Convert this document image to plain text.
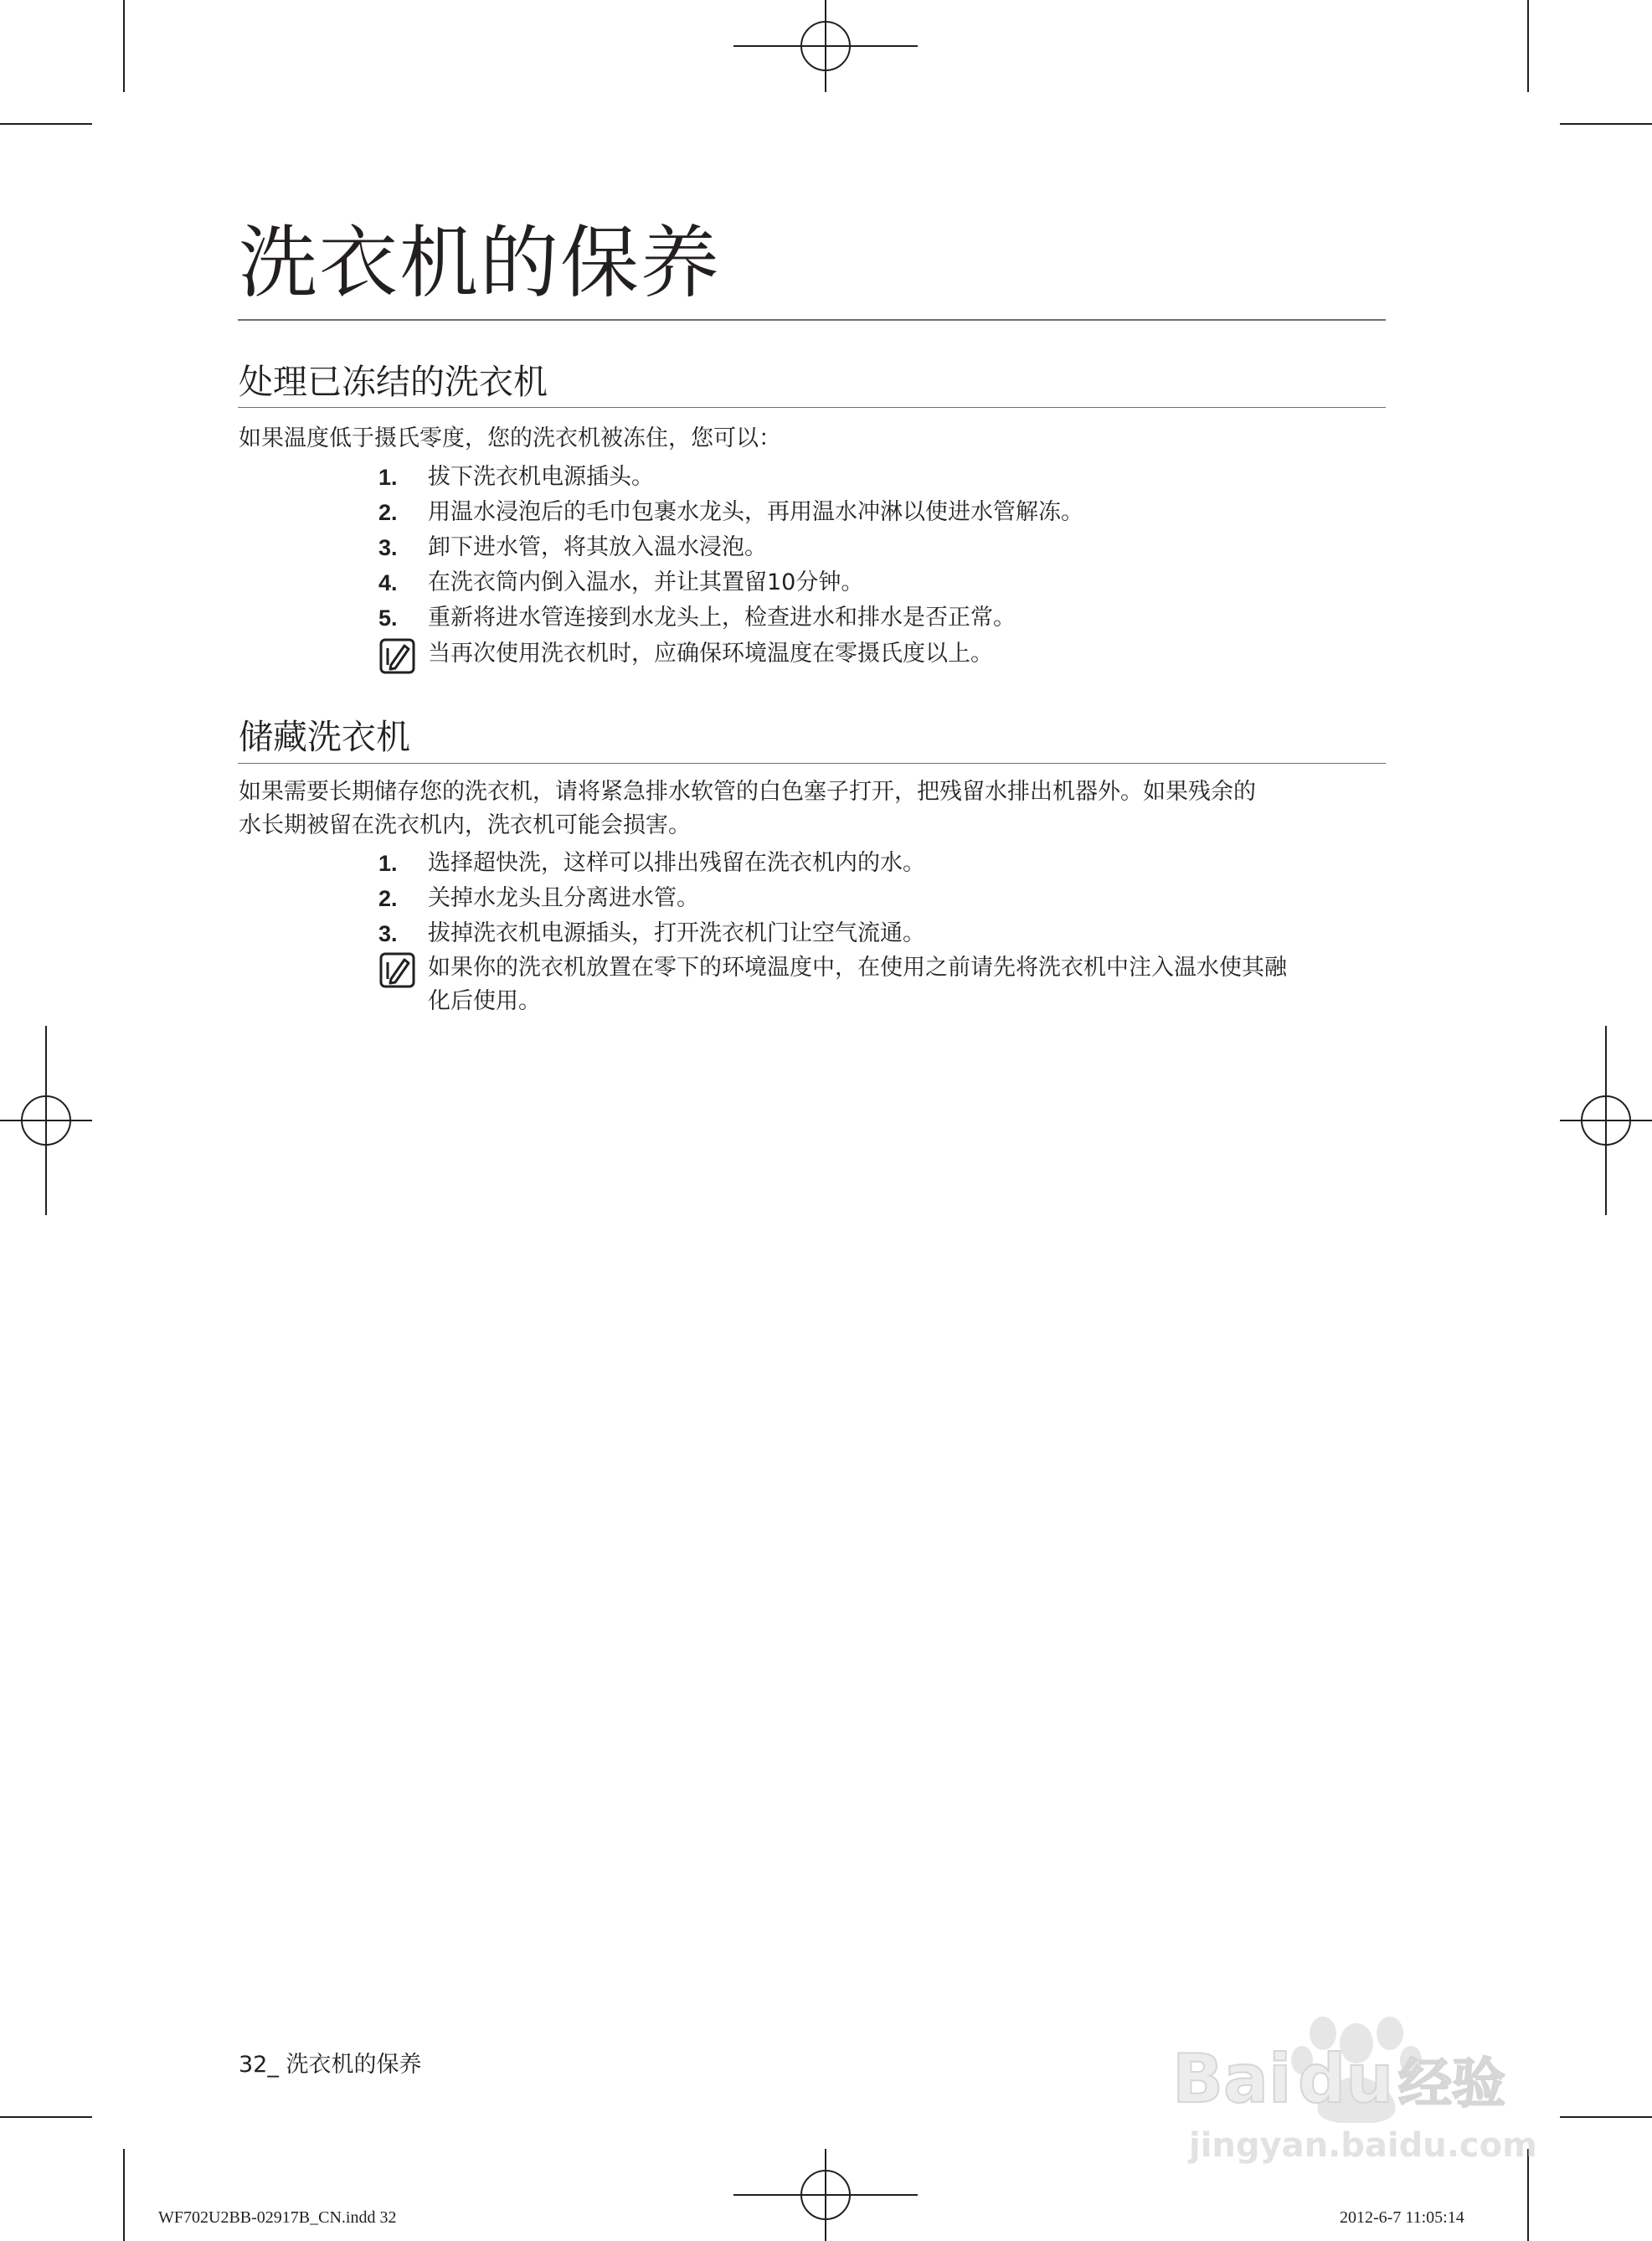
洗衣机的保养
处理已冻结的洗衣机
如果温度低于摄氏零度，您的洗衣机被冻住，您可以：
1. 拔下洗衣机电源插头。
2. 用温水浸泡后的毛巾包裹水龙头，再用温水冲淋以使进水管解冻。
3. 卸下进水管，将其放入温水浸泡。
4. 在洗衣筒内倒入温水，并让其置留10分钟。
5. 重新将进水管连接到水龙头上，检查进水和排水是否正常。
当再次使用洗衣机时，应确保环境温度在零摄氏度以上。
储藏洗衣机
如果需要长期储存您的洗衣机，请将紧急排水软管的白色塞子打开，把残留水排出机器外。如果残余的
水长期被留在洗衣机内，洗衣机可能会损害。
1. 选择超快洗，这样可以排出残留在洗衣机内的水。
2. 关掉水龙头且分离进水管。
3. 拔掉洗衣机电源插头，打开洗衣机门让空气流通。
如果你的洗衣机放置在零下的环境温度中，在使用之前请先将洗衣机中注入温水使其融
化后使用。
32_ 洗衣机的保养
WF702U2BB-02917B_CN.indd 32	2012-6-7 11:05:14
Bai du 经验
jingyan.baidu.com
